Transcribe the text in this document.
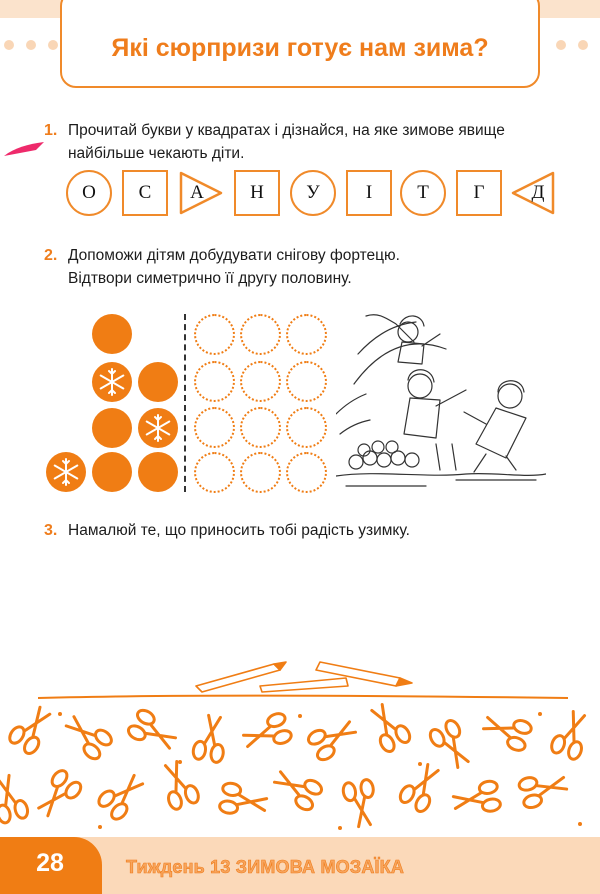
Які сюрпризи готує нам зима?
1. Прочитай букви у квадратах і дізнайся, на яке зимове явище
найбільше чекають діти.
О С А Н У І Т Г Д
2. Допоможи дітям добудувати снігову фортецю.
Відтвори симетрично її другу половину.
3. Намалюй те, що приносить тобі радість узимку.
28	Тиждень 13 ЗИМОВА МОЗАЇКА
